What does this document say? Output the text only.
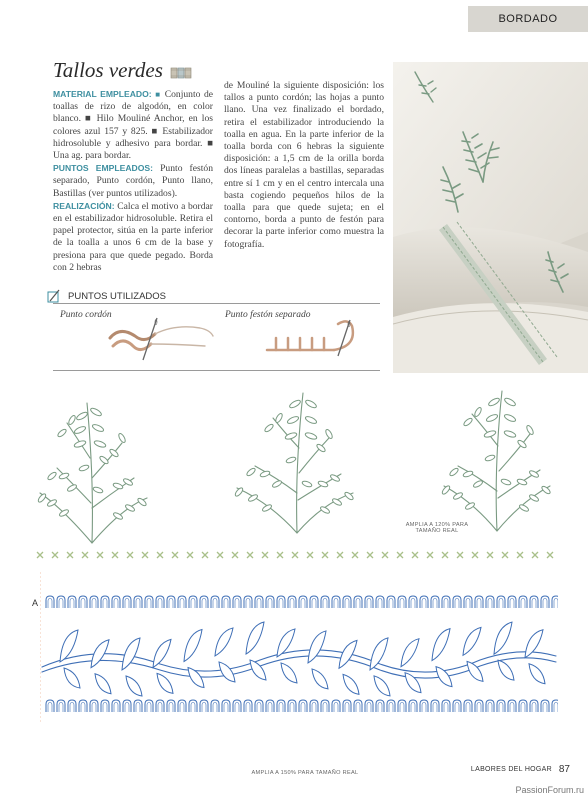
BORDADO
Tallos verdes
MATERIAL EMPLEADO: ■ Conjunto de toallas de rizo de algodón, en color blanco. ■ Hilo Mouliné Anchor, en los colores azul 157 y 825. ■ Estabilizador hidrosoluble y adhesivo para bordar. ■ Una ag. para bordar.
PUNTOS EMPLEADOS: Punto festón separado, Punto cordón, Punto llano, Bastillas (ver puntos utilizados).
REALIZACIÓN: Calca el motivo a bordar en el estabilizador hidrosoluble. Retira el papel protector, sitúa en la parte inferior de la toalla a unos 6 cm de la base y presiona para que quede pegado. Borda con 2 hebras
de Mouliné la siguiente disposición: los tallos a punto cordón; las hojas a punto llano. Una vez finalizado el bordado, retira el estabilizador introduciendo la toalla en agua. En la parte inferior de la toalla borda con 6 hebras la siguiente disposición: a 1,5 cm de la orilla borda dos líneas paralelas a bastillas, separadas entre sí 1 cm y en el centro intercala una basta cogiendo pequeños hilos de la toalla para que quede sujeta; en el contorno, borda a punto de festón para decorar la parte inferior como muestra la fotografía.
PUNTOS UTILIZADOS
Punto cordón	Punto festón separado
AMPLIA A 120% PARA TAMAÑO REAL
A
AMPLIA A 150% PARA TAMAÑO REAL	LABORES DEL HOGAR 87
PassionForum.ru
